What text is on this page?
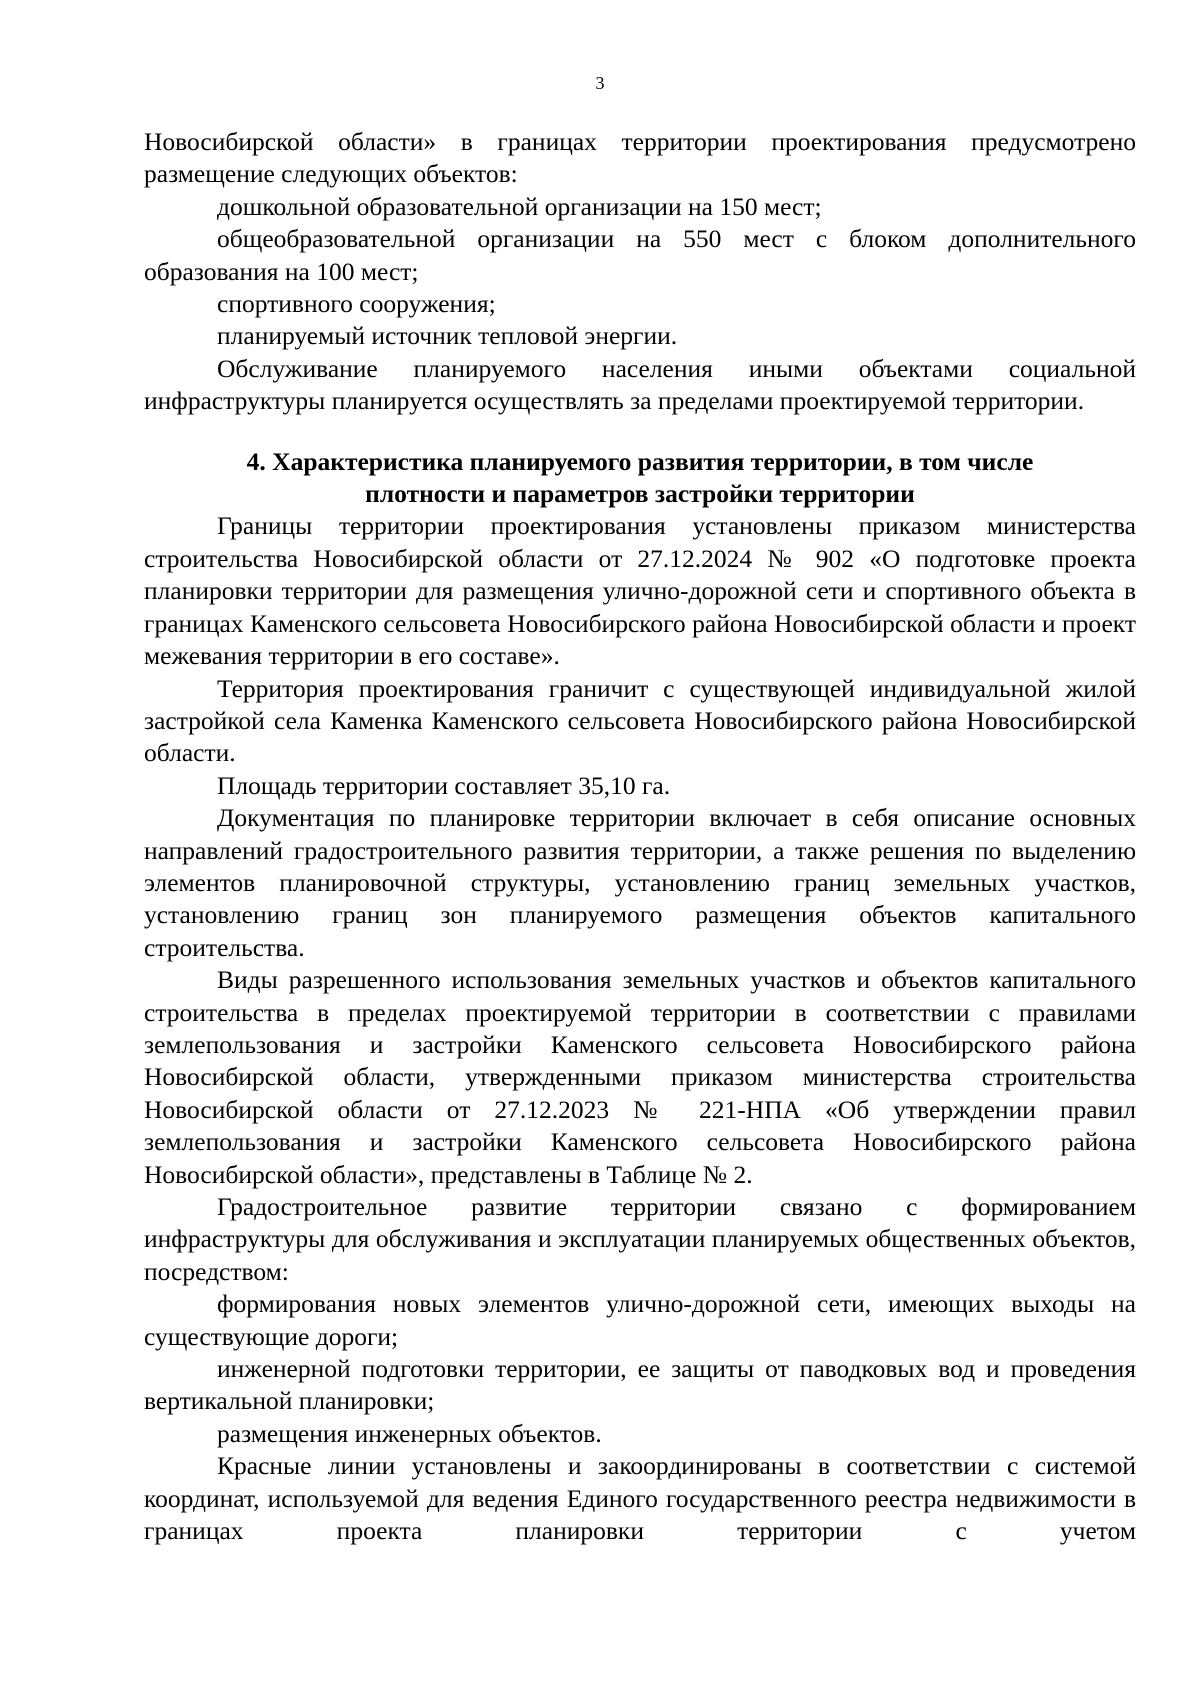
3

Новосибирской области» в границах территории проектирования предусмотрено размещение следующих объектов:

дошкольной образовательной организации на 150 мест;

общеобразовательной организации на 550 мест с блоком дополнительного образования на 100 мест;

спортивного сооружения;

планируемый источник тепловой энергии.

Обслуживание планируемого населения иными объектами социальной инфраструктуры планируется осуществлять за пределами проектируемой территории.

4. Характеристика планируемого развития территории, в том числе
плотности и параметров застройки территории

Границы территории проектирования установлены приказом министерства строительства Новосибирской области от 27.12.2024 № 902 «О подготовке проекта планировки территории для размещения улично-дорожной сети и спортивного объекта в границах Каменского сельсовета Новосибирского района Новосибирской области и проект межевания территории в его составе».

Территория проектирования граничит с существующей индивидуальной жилой застройкой села Каменка Каменского сельсовета Новосибирского района Новосибирской области.

Площадь территории составляет 35,10 га.

Документация по планировке территории включает в себя описание основных направлений градостроительного развития территории, а также решения по выделению элементов планировочной структуры, установлению границ земельных участков, установлению границ зон планируемого размещения объектов капитального строительства.

Виды разрешенного использования земельных участков и объектов капитального строительства в пределах проектируемой территории в соответствии с правилами землепользования и застройки Каменского сельсовета Новосибирского района Новосибирской области, утвержденными приказом министерства строительства Новосибирской области от 27.12.2023 № 221-НПА «Об утверждении правил землепользования и застройки Каменского сельсовета Новосибирского района Новосибирской области», представлены в Таблице № 2.

Градостроительное развитие территории связано с формированием инфраструктуры для обслуживания и эксплуатации планируемых общественных объектов, посредством:

формирования новых элементов улично-дорожной сети, имеющих выходы на существующие дороги;

инженерной подготовки территории, ее защиты от паводковых вод и проведения вертикальной планировки;

размещения инженерных объектов.

Красные линии установлены и закоординированы в соответствии с системой координат, используемой для ведения Единого государственного реестра недвижимости в границах проекта планировки территории с учетом
